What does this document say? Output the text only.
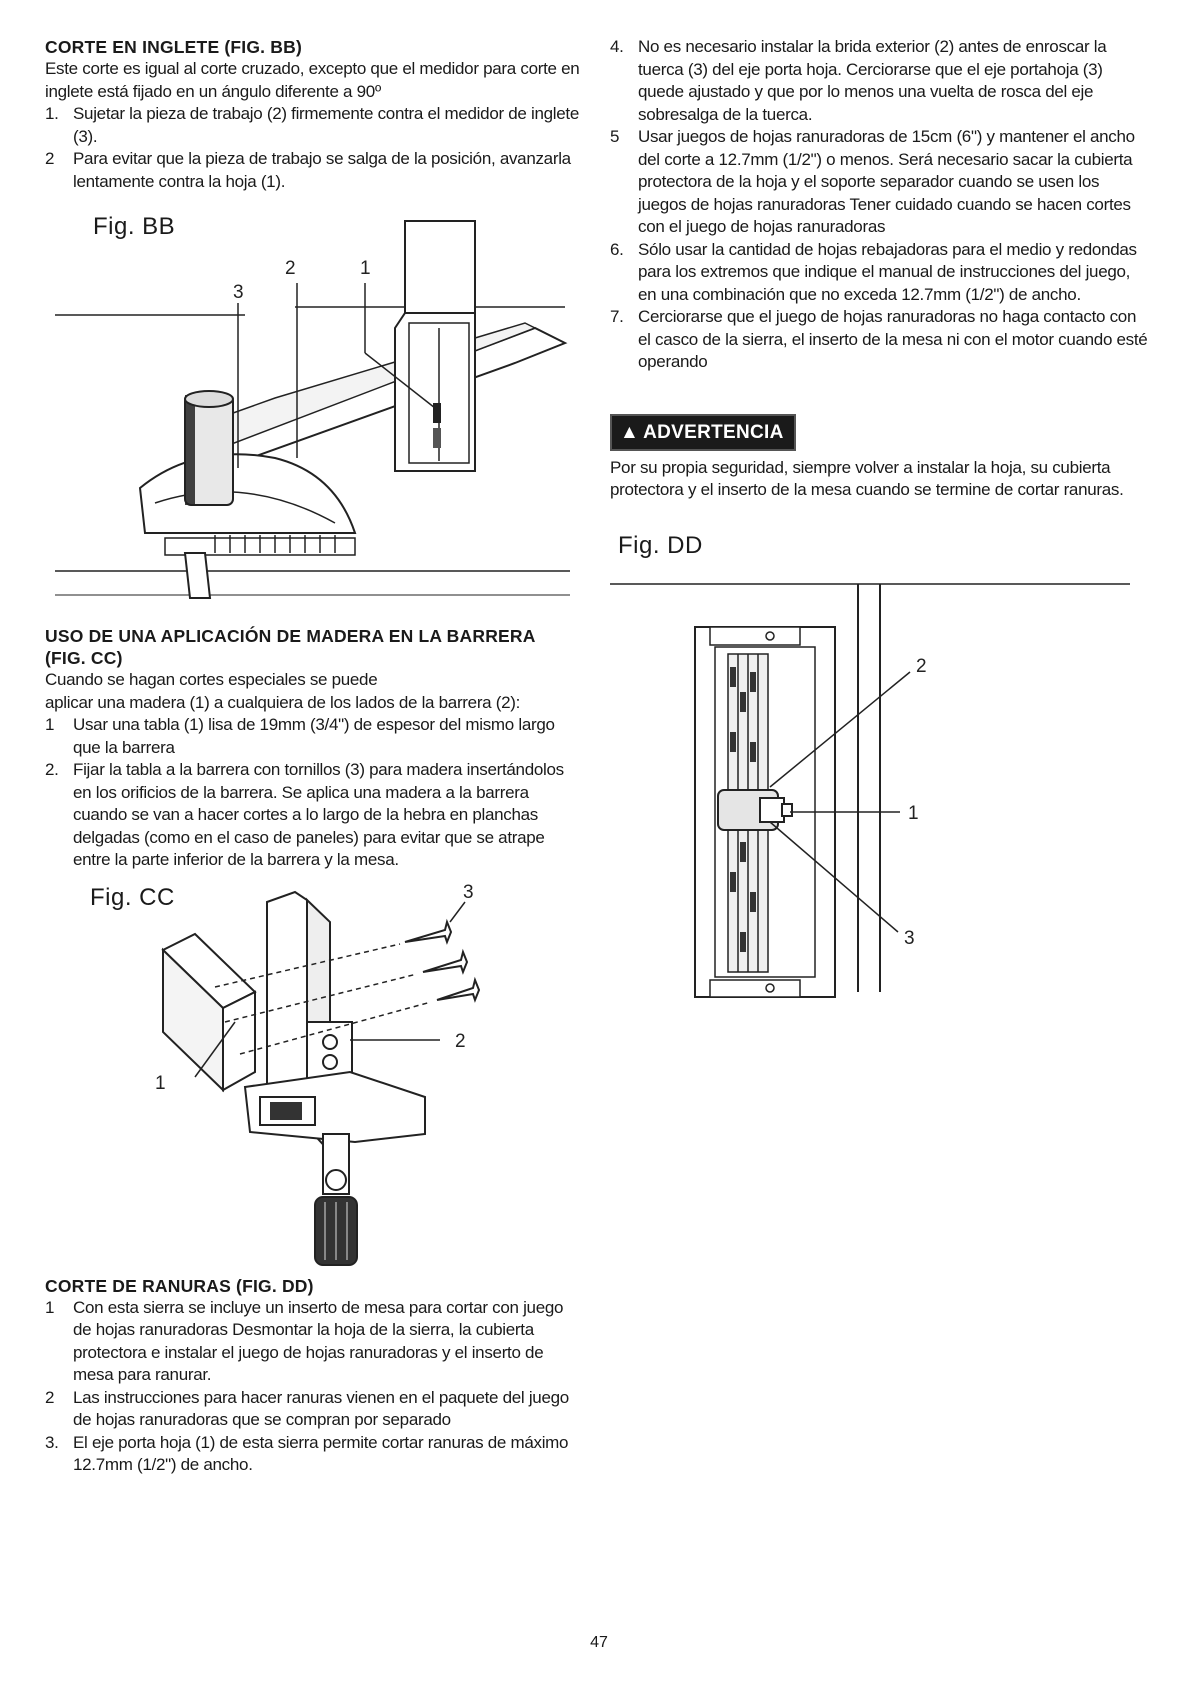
CORTE EN INGLETE (FIG. BB)

Este corte es igual al corte cruzado, excepto que el medidor para corte en inglete está fijado en un ángulo diferente a 90º

1. Sujetar la pieza de trabajo (2) firmemente contra el medidor de inglete (3).
2 Para evitar que la pieza de trabajo se salga de la posición, avanzarla lentamente contra la hoja (1).
Fig. BB
2	1
3

USO DE UNA APLICACIÓN DE MADERA EN LA BARRERA (FIG. CC)

Cuando se hagan cortes especiales se puede

aplicar una madera (1) a cualquiera de los lados de la barrera (2):

1 Usar una tabla (1) lisa de 19mm (3/4") de espesor del mismo largo que la barrera
2. Fijar la tabla a la barrera con tornillos (3) para madera insertándolos en los orificios de la barrera. Se aplica una madera a la barrera cuando se van a hacer cortes a lo largo de la hebra en planchas delgadas (como en el caso de paneles) para evitar que se atrape entre la parte inferior de la barrera y la mesa.
Fig. CC	3
2
1

CORTE DE RANURAS (FIG. DD)

1 Con esta sierra se incluye un inserto de mesa para cortar con juego de hojas ranuradoras Desmontar la hoja de la sierra, la cubierta protectora e instalar el juego de hojas ranuradoras y el inserto de mesa para ranurar.
2 Las instrucciones para hacer ranuras vienen en el paquete del juego de hojas ranuradoras que se compran por separado
3. El eje porta hoja (1) de esta sierra permite cortar ranuras de máximo 12.7mm (1/2") de ancho.
4. No es necesario instalar la brida exterior (2) antes de enroscar la tuerca (3) del eje porta hoja. Cerciorarse que el eje portahoja (3) quede ajustado y que por lo menos una vuelta de rosca del eje sobresalga de la tuerca.
5 Usar juegos de hojas ranuradoras de 15cm (6") y mantener el ancho del corte a 12.7mm (1/2") o menos. Será necesario sacar la cubierta protectora de la hoja y el soporte separador cuando se usen los juegos de hojas ranuradoras Tener cuidado cuando se hacen cortes con el juego de hojas ranuradoras
6. Sólo usar la cantidad de hojas rebajadoras para el medio y redondas para los extremos que indique el manual de instrucciones del juego, en una combinación que no exceda 12.7mm (1/2") de ancho.
7. Cerciorarse que el juego de hojas ranuradoras no haga contacto con el casco de la sierra, el inserto de la mesa ni con el motor cuando esté operando
▲ ADVERTENCIA

Por su propia seguridad, siempre volver a instalar la hoja, su cubierta protectora y el inserto de la mesa cuando se termine de cortar ranuras.

Fig. DD
2
1
3
47
